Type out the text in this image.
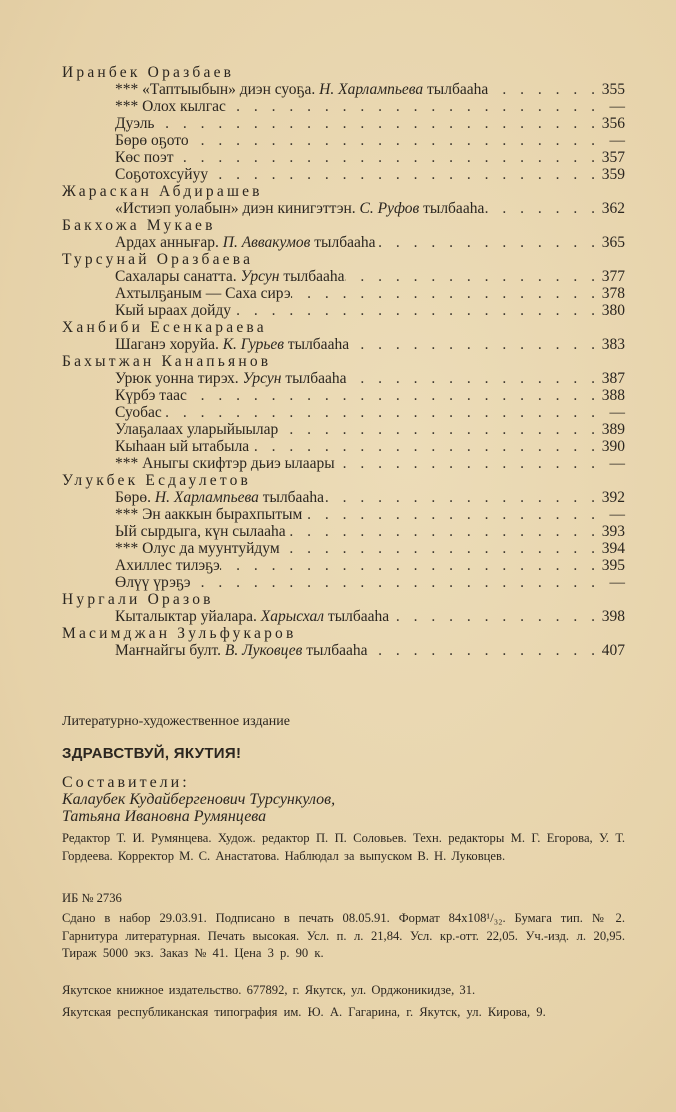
Иранбек Оразбаев
*** «Таптыыбын» диэн суоҕа. Н. Харлампьева тылбааһа . . .	355
*** Олох кылгас . . .	—
Дуэль . . .	356
Бөрө оҕото . . .	—
Көс поэт . . .	357
Соҕотохсуйуу . . .	359
Жараскан Абдирашев
«Истиэп уолабын» диэн кинигэттэн. С. Руфов тылбааһа . . .	362
Бакхожа Мукаев
Ардах аннығар. П. Аввакумов тылбааһа . . .	365
Турсунай Оразбаева
Сахалары санатта. Урсун тылбааһа . . .	377
Ахтылҕаным — Саха сирэ . . .	378
Кый ыраах дойду . . .	380
Ханбиби Есенкараева
Шаганэ хоруйа. К. Гурьев тылбааһа . . .	383
Бахытжан Канапьянов
Урюк уонна тирэх. Урсун тылбааһа . . .	387
Күрбэ таас . . .	388
Суобас . . .	—
Улаҕалаах уларыйыылар . . .	389
Кыһаан ый ытабыла . . .	390
*** Аныгы скифтэр дьиэ ылаары . . .	—
Улукбек Есдаулетов
Бөрө. Н. Харлампьева тылбааһа . . .	392
*** Эн ааккын бырахпытым . . .	—
Ый сырдыга, күн сылааһа . . .	393
*** Олус да муунтуйдум . . .	394
Ахиллес тилэҕэ . . .	395
Өлүү үрэҕэ . . .	—
Нургали Оразов
Кыталыктар уйалара. Харысхал тылбааһа . . .	398
Масимджан Зульфукаров
Маҥнайгы булт. В. Луковцев тылбааһа . . .	407
Литературно-художественное издание
ЗДРАВСТВУЙ, ЯКУТИЯ!
Составители:
Калаубек Кудайбергенович Турсункулов,
Татьяна Ивановна Румянцева
Редактор Т. И. Румянцева. Худож. редактор П. П. Соловьев. Техн. редакторы М. Г. Егорова, У. Т. Гордеева. Корректор М. С. Анастатова. Наблюдал за выпуском В. Н. Луковцев.
ИБ № 2736
Сдано в набор 29.03.91. Подписано в печать 08.05.91. Формат 84х108¹/₃₂. Бумага тип. № 2. Гарнитура литературная. Печать высокая. Усл. п. л. 21,84. Усл. кр.-отт. 22,05. Уч.-изд. л. 20,95. Тираж 5000 экз. Заказ № 41. Цена 3 р. 90 к.
Якутское книжное издательство. 677892, г. Якутск, ул. Орджоникидзе, 31.
Якутская республиканская типография им. Ю. А. Гагарина, г. Якутск, ул. Кирова, 9.
